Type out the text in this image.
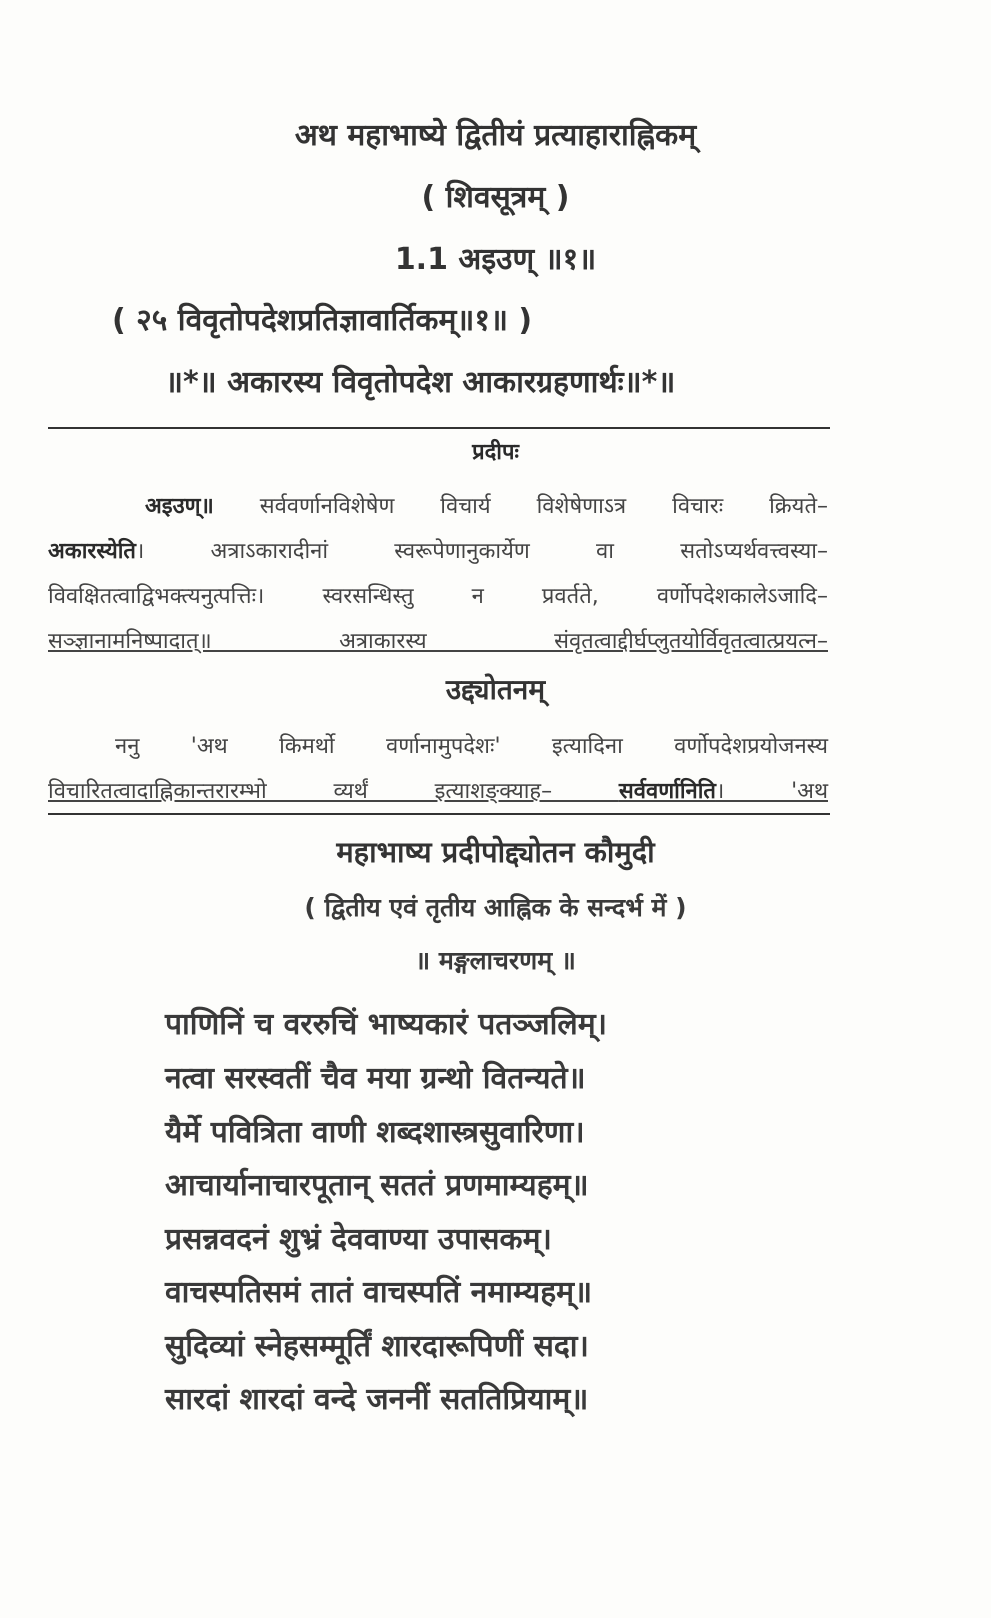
अथ महाभाष्ये द्वितीयं प्रत्याहाराह्निकम्
( शिवसूत्रम् )
1.1 अइउण् ॥१॥
( २५ विवृतोपदेशप्रतिज्ञावार्तिकम्॥१॥ )
॥*॥ अकारस्य विवृतोपदेश आकारग्रहणार्थः॥*॥
प्रदीपः
अइउण्॥ सर्ववर्णानविशेषेण विचार्य विशेषेणाऽत्र विचारः क्रियते–
अकारस्येति। अत्राऽकारादीनां स्वरूपेणानुकार्येण वा सतोऽप्यर्थवत्त्वस्या–
विवक्षितत्वाद्विभक्त्यनुत्पत्तिः। स्वरसन्धिस्तु न प्रवर्तते, वर्णोपदेशकालेऽजादि–
सञ्ज्ञानामनिष्पादात्॥ अत्राकारस्य संवृतत्वाद्दीर्घप्लुतयोर्विवृतत्वात्प्रयत्न–
उद्द्योतनम्
ननु 'अथ किमर्थो वर्णानामुपदेशः' इत्यादिना वर्णोपदेशप्रयोजनस्य
विचारितत्वादाह्निकान्तरारम्भो व्यर्थं इत्याशङ्क्याह– सर्ववर्णानिति। 'अथ
महाभाष्य प्रदीपोद्द्योतन कौमुदी
( द्वितीय एवं तृतीय आह्निक के सन्दर्भ में )
॥ मङ्गलाचरणम् ॥
पाणिनिं च वररुचिं भाष्यकारं पतञ्जलिम्।
नत्वा सरस्वतीं चैव मया ग्रन्थो वितन्यते॥
यैर्मे पवित्रिता वाणी शब्दशास्त्रसुवारिणा।
आचार्यानाचारपूतान् सततं प्रणमाम्यहम्॥
प्रसन्नवदनं शुभ्रं देववाण्या उपासकम्।
वाचस्पतिसमं तातं वाचस्पतिं नमाम्यहम्॥
सुदिव्यां स्नेहसम्मूर्तिं शारदारूपिणीं सदा।
सारदां शारदां वन्दे जननीं सततिप्रियाम्॥
